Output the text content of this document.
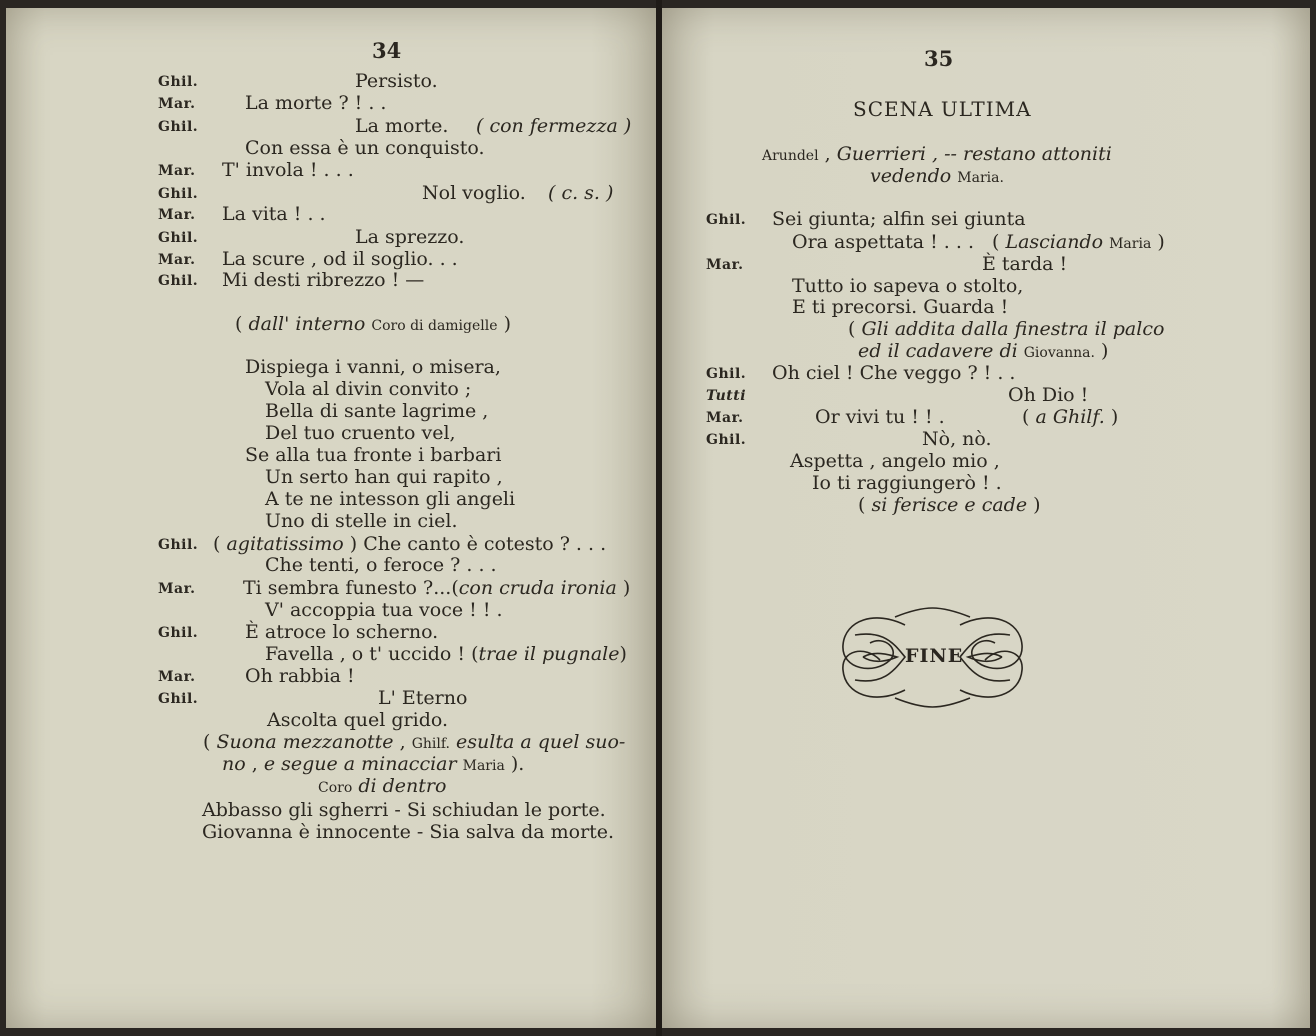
34
Ghil.	Persisto.
Mar.	La morte ? ! . .
Ghil.	La morte. ( con fermezza )
Con essa è un conquisto.
Mar. T' involа ! . . .
Ghil.	Nol voglio. ( c. s. )
Mar. La vita ! . .
Ghil.	La sprezzo.
Mar. La scure , od il soglio. . .
Ghil. Mi desti ribrezzo ! —
( dall' interno Coro di damigelle )
Dispiega i vanni, o misera,
Vola al divin convito ;
Bella di sante lagrime ,
Del tuo cruento vel,
Se alla tua fronte i barbari
Un serto han qui rapito ,
A te ne intesson gli angeli
Uno di stelle in ciel.
Ghil. ( agitatissimo ) Che canto è cotesto ? . . .
Che tenti, o feroce ? . . .
Mar. Ti sembra funesto ?...(con cruda ironia )
V' accoppia tua voce ! ! .
Ghil. È atroce lo scherno.
Favella , o t' uccido ! (trae il pugnale)
Mar.	Oh rabbia !
Ghil.	L' Eterno
Ascolta quel grido.
( Suona mezzanotte , Ghilf. esulta a quel suo-
no , e segue a minacciar Maria ).
Coro di dentro
Abbasso gli sgherri - Si schiudan le porte.
Giovanna è innocente - Sia salva da morte.
35
SCENA ULTIMA
Arundel , Guerrieri , -- restano attoniti
vedendo Maria.
Ghil. Sei giunta; alfin sei giunta
Ora aspettata ! . . . ( Lasciando Maria )
Mar.	È tarda !
Tutto io sapeva o stolto,
E ti precorsi. Guarda !
( Gli addita dalla finestra il palco
ed il cadavere di Giovanna. )
Ghil. Oh ciel ! Che veggo ? ! . .
Tutti	Oh Dio !
Mar.	Or vivi tu ! ! .	( a Ghilf. )
Ghil.	Nò, nò.
Aspetta , angelo mio ,
Io ti raggiungerò ! .
( si ferisce e cade )
FINE
